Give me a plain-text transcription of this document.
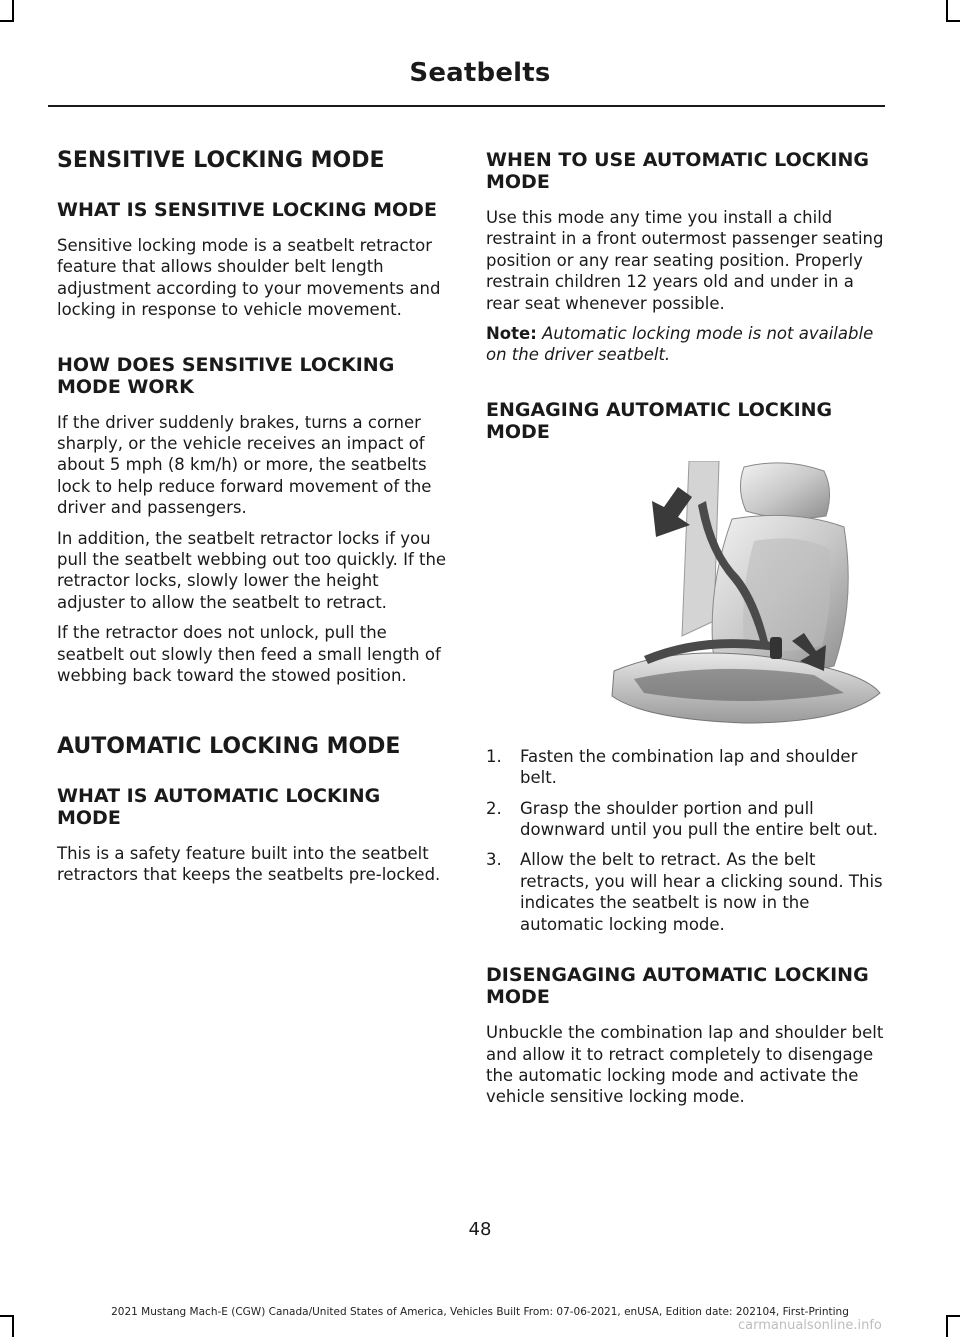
Seatbelts
SENSITIVE LOCKING MODE
WHAT IS SENSITIVE LOCKING MODE

Sensitive locking mode is a seatbelt retractor feature that allows shoulder belt length adjustment according to your movements and locking in response to vehicle movement.

HOW DOES SENSITIVE LOCKING MODE WORK

If the driver suddenly brakes, turns a corner sharply, or the vehicle receives an impact of about 5 mph (8 km/h) or more, the seatbelts lock to help reduce forward movement of the driver and passengers.

In addition, the seatbelt retractor locks if you pull the seatbelt webbing out too quickly. If the retractor locks, slowly lower the height adjuster to allow the seatbelt to retract.

If the retractor does not unlock, pull the seatbelt out slowly then feed a small length of webbing back toward the stowed position.

AUTOMATIC LOCKING MODE
WHAT IS AUTOMATIC LOCKING MODE

This is a safety feature built into the seatbelt retractors that keeps the seatbelts pre-locked.

WHEN TO USE AUTOMATIC LOCKING MODE

Use this mode any time you install a child restraint in a front outermost passenger seating position or any rear seating position. Properly restrain children 12 years old and under in a rear seat whenever possible.

Note: Automatic locking mode is not available on the driver seatbelt.

ENGAGING AUTOMATIC LOCKING MODE
1.	Fasten the combination lap and shoulder belt.
2.	Grasp the shoulder portion and pull downward until you pull the entire belt out.
3.	Allow the belt to retract. As the belt retracts, you will hear a clicking sound. This indicates the seatbelt is now in the automatic locking mode.
DISENGAGING AUTOMATIC LOCKING MODE

Unbuckle the combination lap and shoulder belt and allow it to retract completely to disengage the automatic locking mode and activate the vehicle sensitive locking mode.

48
2021 Mustang Mach-E (CGW) Canada/United States of America, Vehicles Built From: 07-06-2021, enUSA, Edition date: 202104, First-Printing
carmanualsonline.info
